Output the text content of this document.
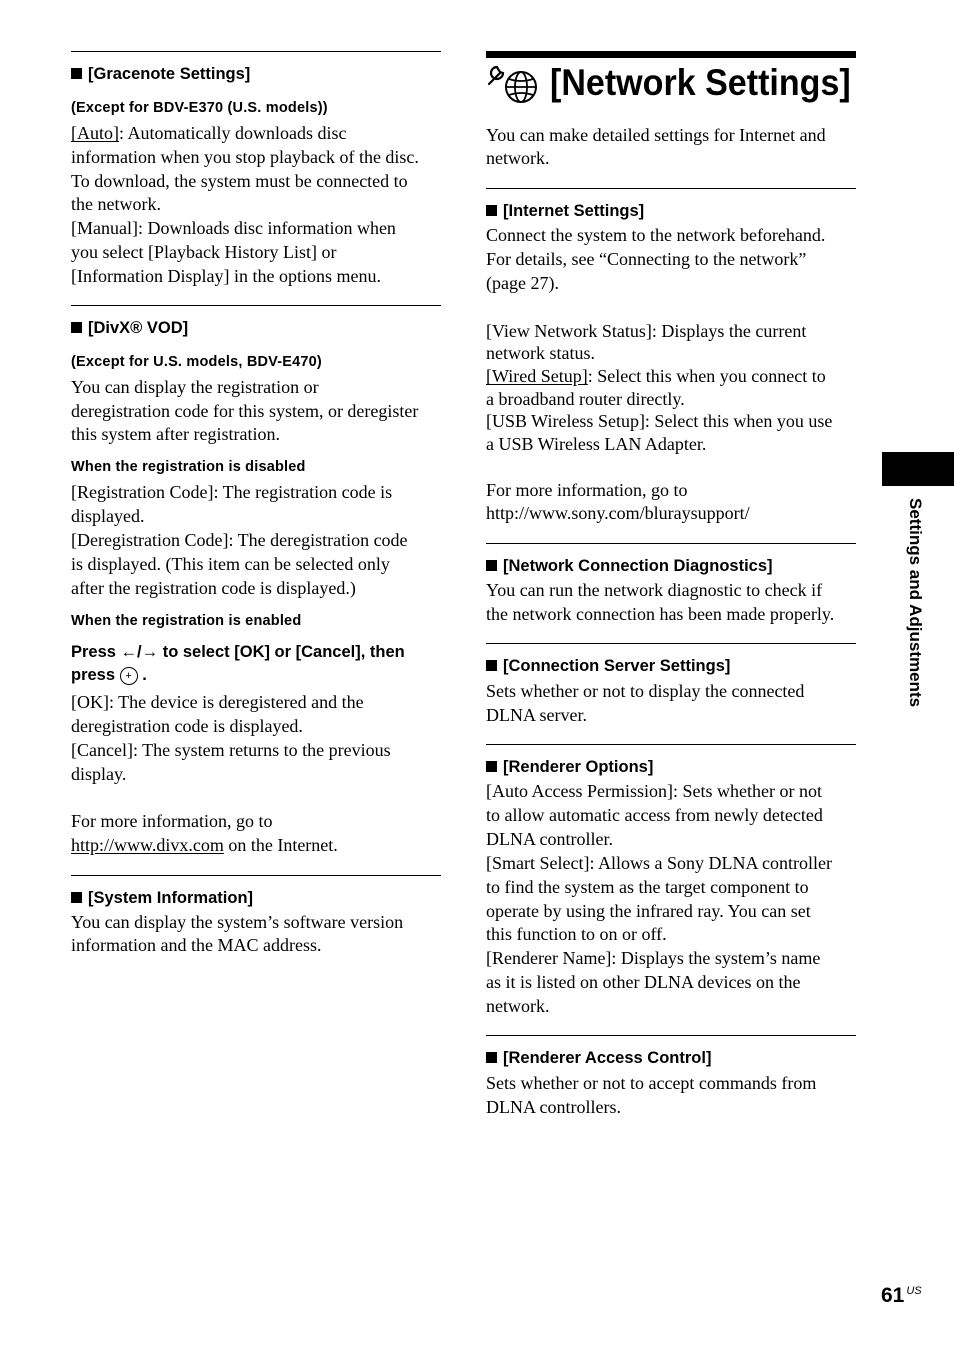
[Gracenote Settings]
(Except for BDV-E370 (U.S. models))
[Auto]: Automatically downloads disc
information when you stop playback of the disc.
To download, the system must be connected to
the network.
[Manual]: Downloads disc information when
you select [Playback History List] or
[Information Display] in the options menu.
[DivX® VOD]
(Except for U.S. models, BDV-E470)
You can display the registration or
deregistration code for this system, or deregister
this system after registration.
When the registration is disabled
[Registration Code]: The registration code is
displayed.
[Deregistration Code]: The deregistration code
is displayed. (This item can be selected only
after the registration code is displayed.)
When the registration is enabled
Press ←/→ to select [OK] or [Cancel], then
press + .
[OK]: The device is deregistered and the
deregistration code is displayed.
[Cancel]: The system returns to the previous
display.
For more information, go to
http://www.divx.com on the Internet.
[System Information]
You can display the system’s software version
information and the MAC address.
[Network Settings]
You can make detailed settings for Internet and
network.
[Internet Settings]
Connect the system to the network beforehand.
For details, see “Connecting to the network”
(page 27).
[View Network Status]: Displays the current
network status.
[Wired Setup]: Select this when you connect to
a broadband router directly.
[USB Wireless Setup]: Select this when you use
a USB Wireless LAN Adapter.
For more information, go to
http://www.sony.com/bluraysupport/
[Network Connection Diagnostics]
You can run the network diagnostic to check if
the network connection has been made properly.
[Connection Server Settings]
Sets whether or not to display the connected
DLNA server.
[Renderer Options]
[Auto Access Permission]: Sets whether or not
to allow automatic access from newly detected
DLNA controller.
[Smart Select]: Allows a Sony DLNA controller
to find the system as the target component to
operate by using the infrared ray. You can set
this function to on or off.
[Renderer Name]: Displays the system’s name
as it is listed on other DLNA devices on the
network.
[Renderer Access Control]
Sets whether or not to accept commands from
DLNA controllers.
Settings and Adjustments
61 $^{US}$
